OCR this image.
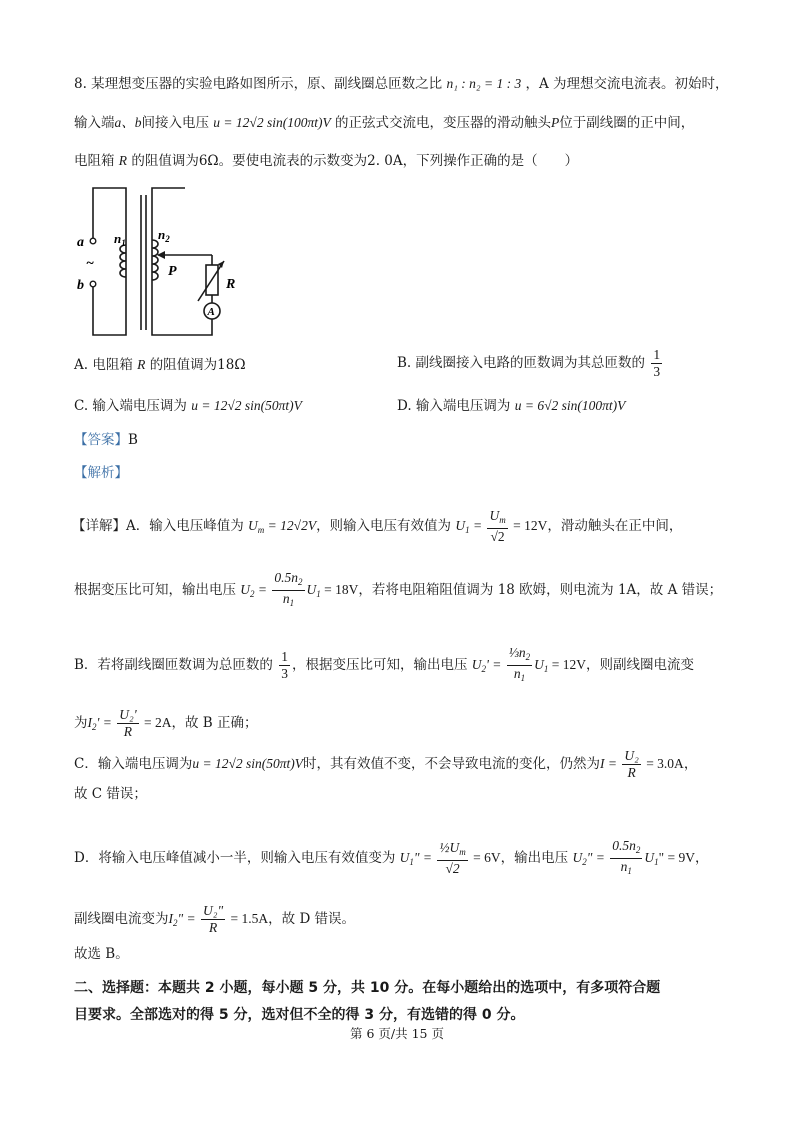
8. 某理想变压器的实验电路如图所示，原、副线圈总匝数之比 n₁ : n₂ = 1 : 3 ，A 为理想交流电流表。初始时，
输入端a、b间接入电压 u = 12√2 sin(100πt)V 的正弦式交流电，变压器的滑动触头P位于副线圈的正中间，
电阻箱 R 的阻值调为6Ω。要使电流表的示数变为2. 0A，下列操作正确的是（　　）
a
~
b
$n_1$
$n_2$
P
R
A
A. 电阻箱 R 的阻值调为18Ω	B. 副线圈接入电路的匝数调为其总匝数的 $\frac{1}{3}$
C. 输入端电压调为 u = 12√2 sin(50πt)V	D. 输入端电压调为 u = 6√2 sin(100πt)V
【答案】B
【解析】
【详解】A．输入电压峰值为 $U_m = 12√2V$，则输入电压有效值为 $U_1 = \frac{U_m}{√2} = 12V$，滑动触头在正中间，
根据变压比可知，输出电压 $U_2 = \frac{0.5n_2}{n_1} U_1 = 18V$，若将电阻箱阻值调为 18 欧姆，则电流为 1A，故 A 错误；
B．若将副线圈匝数调为总匝数的 $\frac{1}{3}$ ，根据变压比可知，输出电压 $U_2' = \frac{\frac{1}{3}n_2}{n_1} U_1 = 12V$，则副线圈电流变
为$I_2' = \frac{\text{U₂'}}{R} = 2A$，故 B 正确；
C．输入端电压调为u = 12√2 sin(50πt)V时，其有效值不变，不会导致电流的变化，仍然为$I = \frac{\text{U₂}}{R} = 3.0A$，
故 C 错误；
D．将输入电压峰值减小一半，则输入电压有效值变为 $U_1$" = $\frac{\frac{1}{2}U_m}{√2} = 6V$，输出电压 $U_2$" = $\frac{0.5n_2}{n_1} U_1$" = 9V，
副线圈电流变为$I_2$" = $\frac{\text{U₂"}}{R} = 1.5A$，故 D 错误。
故选 B。
二、选择题：本题共 2 小题，每小题 5 分，共 10 分。在每小题给出的选项中，有多项符合题
目要求。全部选对的得 5 分，选对但不全的得 3 分，有选错的得 0 分。
第 6 页/共 15 页
